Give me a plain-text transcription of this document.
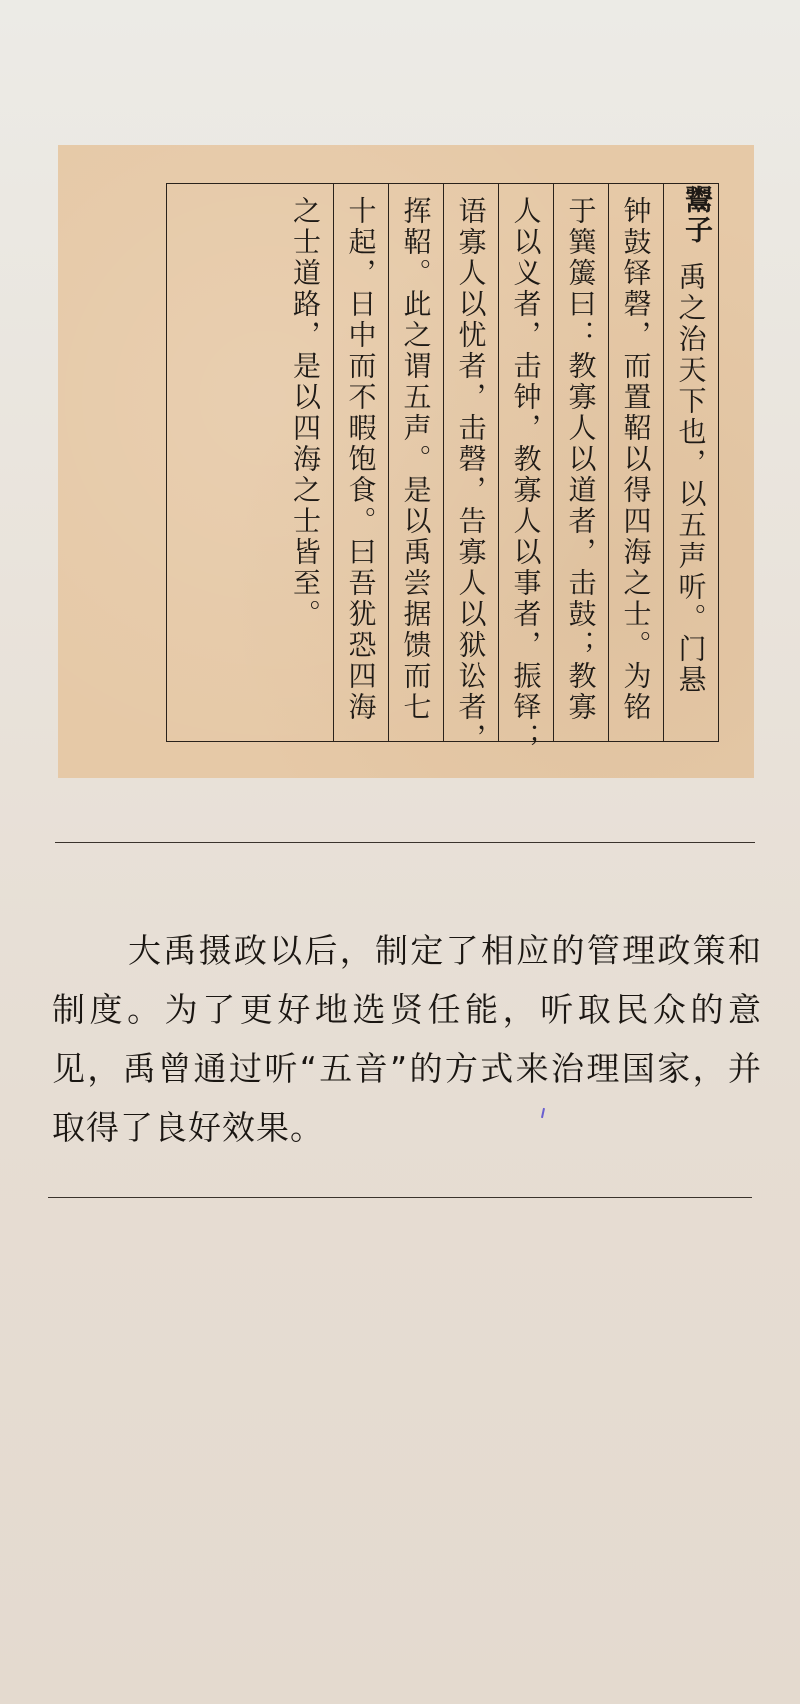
鬻子
禹之治天下也，以五声听。门悬
钟鼓铎磬，而置鞀以得四海之士。为铭
于簨簴曰：教寡人以道者，击鼓；教寡
人以义者，击钟，教寡人以事者，振铎；
语寡人以忧者，击磬，告寡人以狱讼者，
挥鞀。此之谓五声。是以禹尝据馈而七
十起，日中而不暇饱食。曰吾犹恐四海
之士道路，是以四海之士皆至。

大禹摄政以后，制定了相应的管理政策和制度。为了更好地选贤任能，听取民众的意见，禹曾通过听“五音”的方式来治理国家，并取得了良好效果。
